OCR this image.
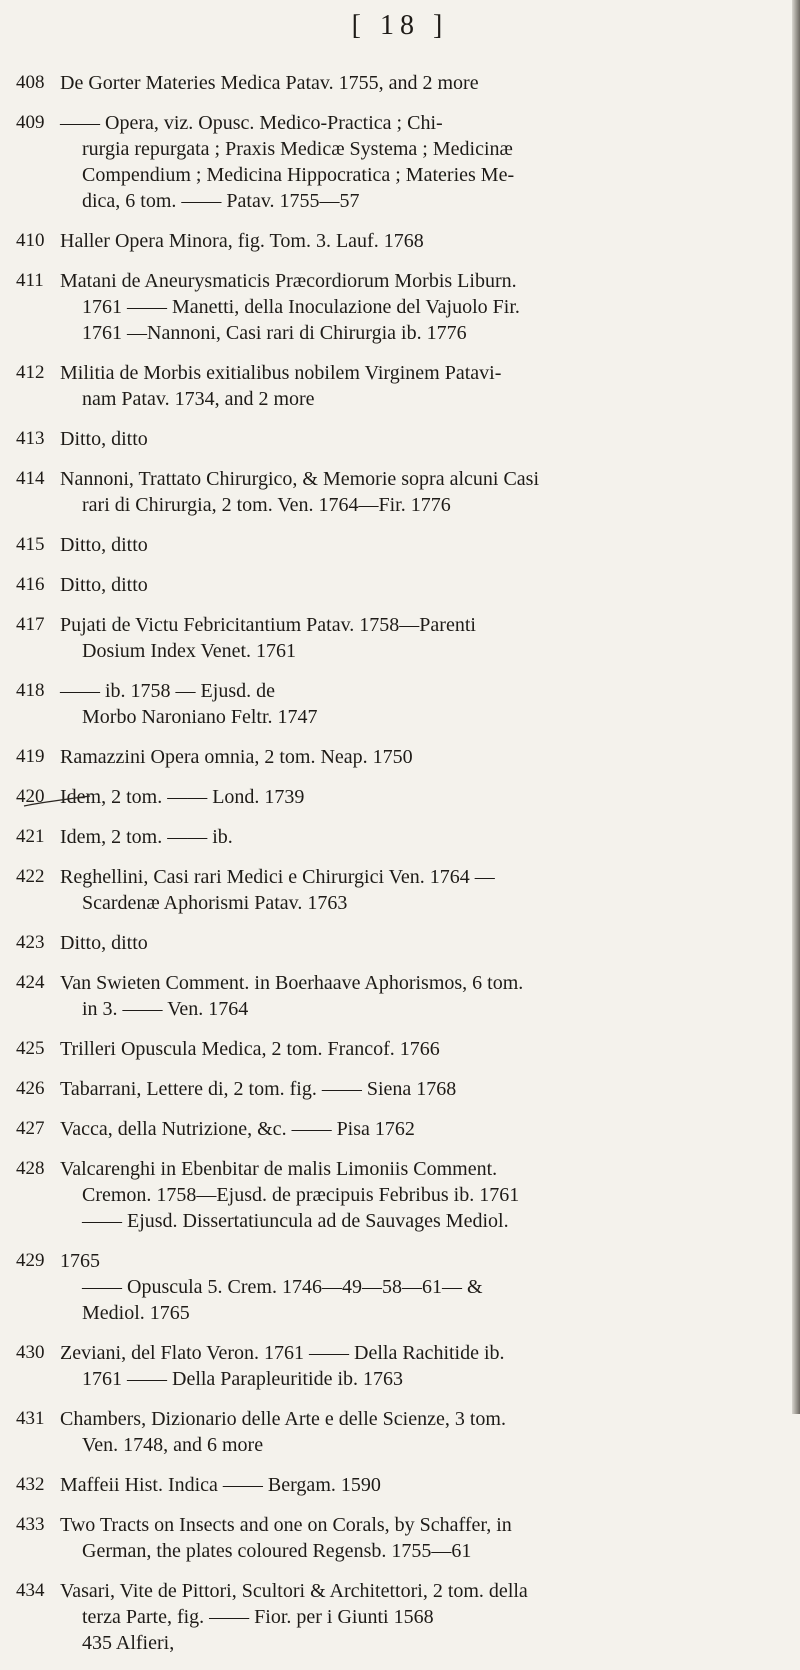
[ 18 ]
408 De Gorter Materies Medica Patav. 1755, and 2 more
409 —— Opera, viz. Opusc. Medico-Practica ; Chi-
rurgia repurgata ; Praxis Medicæ Systema ; Medicinæ
Compendium ; Medicina Hippocratica ; Materies Me-
dica, 6 tom. —— Patav. 1755—57
410 Haller Opera Minora, fig. Tom. 3. Lauf. 1768
411 Matani de Aneurysmaticis Præcordiorum Morbis Liburn.
1761 —— Manetti, della Inoculazione del Vajuolo Fir.
1761 —Nannoni, Casi rari di Chirurgia ib. 1776
412 Militia de Morbis exitialibus nobilem Virginem Patavi-
nam Patav. 1734, and 2 more
413 Ditto, ditto
414 Nannoni, Trattato Chirurgico, & Memorie sopra alcuni Casi
rari di Chirurgia, 2 tom. Ven. 1764—Fir. 1776
415 Ditto, ditto
416 Ditto, ditto
417 Pujati de Victu Febricitantium Patav. 1758—Parenti
Dosium Index Venet. 1761
418 —— ib. 1758 — Ejusd. de
Morbo Naroniano Feltr. 1747
419 Ramazzini Opera omnia, 2 tom. Neap. 1750
420 Idem, 2 tom. —— Lond. 1739
421 Idem, 2 tom. —— ib.
422 Reghellini, Casi rari Medici e Chirurgici Ven. 1764 —
Scardenæ Aphorismi Patav. 1763
423 Ditto, ditto
424 Van Swieten Comment. in Boerhaave Aphorismos, 6 tom.
in 3. —— Ven. 1764
425 Trilleri Opuscula Medica, 2 tom. Francof. 1766
426 Tabarrani, Lettere di, 2 tom. fig. —— Siena 1768
427 Vacca, della Nutrizione, &c. —— Pisa 1762
428 Valcarenghi in Ebenbitar de malis Limoniis Comment.
Cremon. 1758—Ejusd. de præcipuis Febribus ib. 1761
—— Ejusd. Dissertatiuncula ad de Sauvages Mediol.
429 1765
—— Opuscula 5. Crem. 1746—49—58—61— &
Mediol. 1765
430 Zeviani, del Flato Veron. 1761 —— Della Rachitide ib.
1761 —— Della Parapleuritide ib. 1763
431 Chambers, Dizionario delle Arte e delle Scienze, 3 tom.
Ven. 1748, and 6 more
432 Maffeii Hist. Indica —— Bergam. 1590
433 Two Tracts on Insects and one on Corals, by Schaffer, in
German, the plates coloured Regensb. 1755—61
434 Vasari, Vite de Pittori, Scultori & Architettori, 2 tom. della
terza Parte, fig. —— Fior. per i Giunti 1568
435 Alfieri,
